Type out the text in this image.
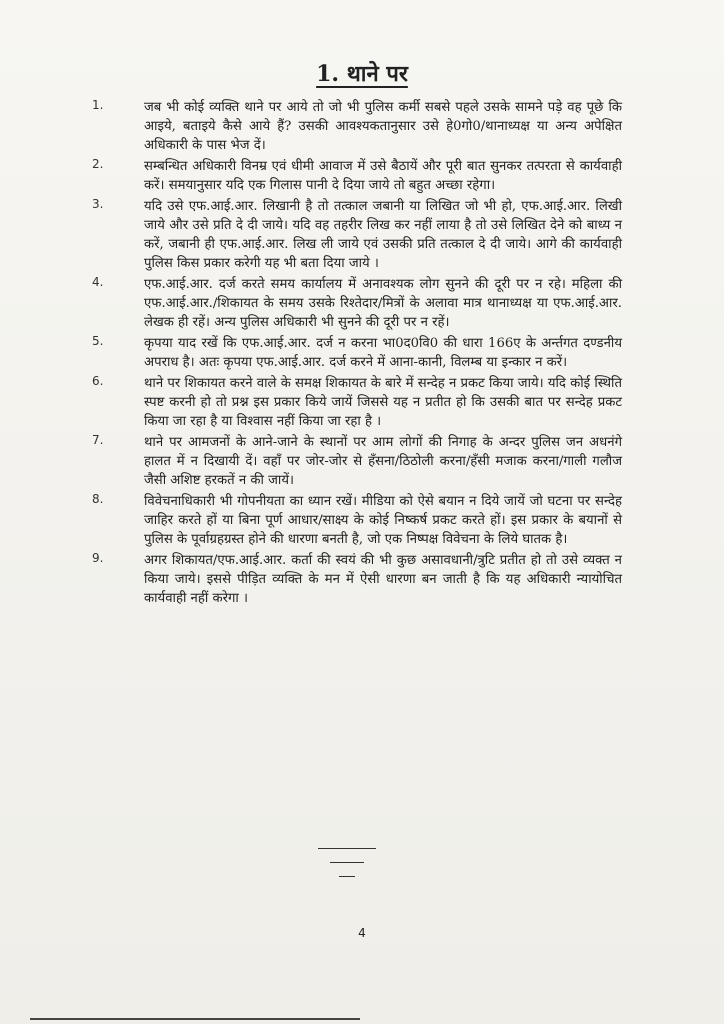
1. थाने पर
1.	जब भी कोई व्यक्ति थाने पर आये तो जो भी पुलिस कर्मी सबसे पहले उसके सामने पड़े वह पूछे कि आइये, बताइये कैसे आये हैं? उसकी आवश्यकतानुसार उसे हे0गो0/थानाध्यक्ष या अन्य अपेक्षित अधिकारी के पास भेज दें।
2.	सम्बन्धित अधिकारी विनम्र एवं धीमी आवाज में उसे बैठायें और पूरी बात सुनकर तत्परता से कार्यवाही करें। समयानुसार यदि एक गिलास पानी दे दिया जाये तो बहुत अच्छा रहेगा।
3.	यदि उसे एफ.आई.आर. लिखानी है तो तत्काल जबानी या लिखित जो भी हो, एफ.आई.आर. लिखी जाये और उसे प्रति दे दी जाये। यदि वह तहरीर लिख कर नहीं लाया है तो उसे लिखित देने को बाध्य न करें, जबानी ही एफ.आई.आर. लिख ली जाये एवं उसकी प्रति तत्काल दे दी जाये। आगे की कार्यवाही पुलिस किस प्रकार करेगी यह भी बता दिया जाये ।
4.	एफ.आई.आर. दर्ज करते समय कार्यालय में अनावश्यक लोग सुनने की दूरी पर न रहे। महिला की एफ.आई.आर./शिकायत के समय उसके रिश्तेदार/मित्रों के अलावा मात्र थानाध्यक्ष या एफ.आई.आर. लेखक ही रहें। अन्य पुलिस अधिकारी भी सुनने की दूरी पर न रहें।
5.	कृपया याद रखें कि एफ.आई.आर. दर्ज न करना भा0द0वि0 की धारा 166ए के अर्न्तगत दण्डनीय अपराध है। अतः कृपया एफ.आई.आर. दर्ज करने में आना-कानी, विलम्ब या इन्कार न करें।
6.	थाने पर शिकायत करने वाले के समक्ष शिकायत के बारे में सन्देह न प्रकट किया जाये। यदि कोई स्थिति स्पष्ट करनी हो तो प्रश्न इस प्रकार किये जायें जिससे यह न प्रतीत हो कि उसकी बात पर सन्देह प्रकट किया जा रहा है या विश्वास नहीं किया जा रहा है ।
7.	थाने पर आमजनों के आने-जाने के स्थानों पर आम लोगों की निगाह के अन्दर पुलिस जन अधनंगे हालत में न दिखायी दें। वहाँ पर जोर-जोर से हँसना/ठिठोली करना/हँसी मजाक करना/गाली गलौज जैसी अशिष्ट हरकतें न की जायें।
8.	विवेचनाधिकारी भी गोपनीयता का ध्यान रखें। मीडिया को ऐसे बयान न दिये जायें जो घटना पर सन्देह जाहिर करते हों या बिना पूर्ण आधार/साक्ष्य के कोई निष्कर्ष प्रकट करते हों। इस प्रकार के बयानों से पुलिस के पूर्वाग्रहग्रस्त होने की धारणा बनती है, जो एक निष्पक्ष विवेचना के लिये घातक है।
9.	अगर शिकायत/एफ.आई.आर. कर्ता की स्वयं की भी कुछ असावधानी/त्रुटि प्रतीत हो तो उसे व्यक्त न किया जाये। इससे पीड़ित व्यक्ति के मन में ऐसी धारणा बन जाती है कि यह अधिकारी न्यायोचित कार्यवाही नहीं करेगा ।
4
